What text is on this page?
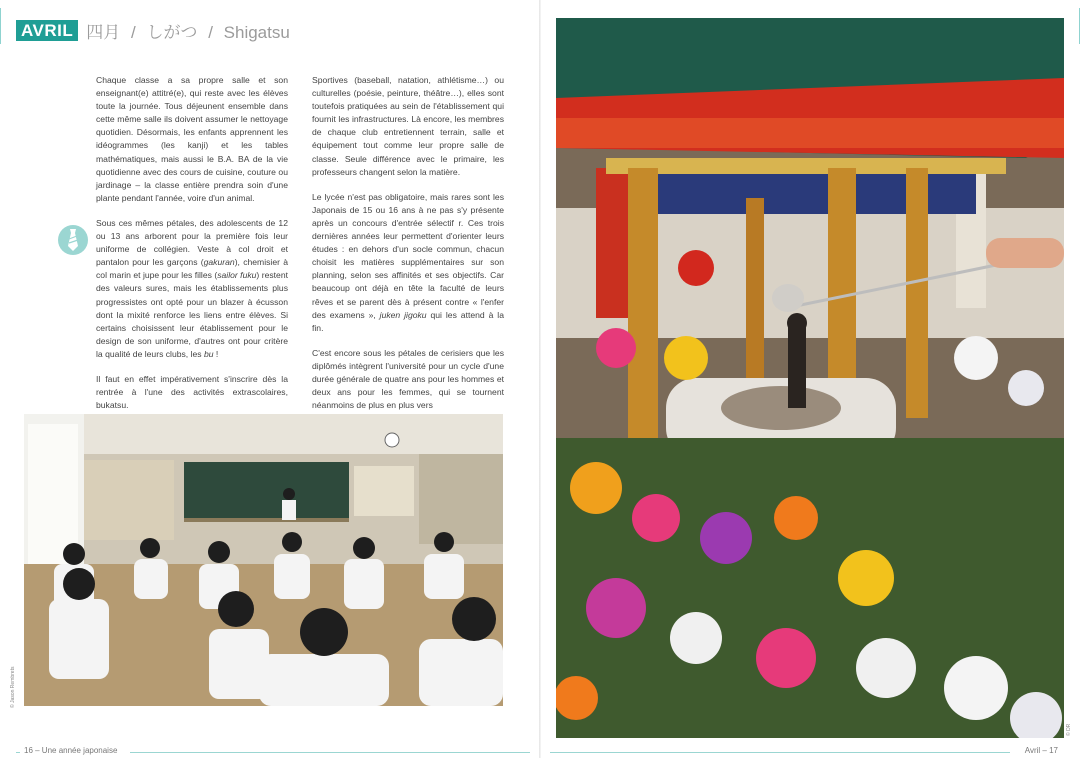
AVRIL 四月 / しがつ / Shigatsu

Chaque classe a sa propre salle et son enseignant(e) attitré(e), qui reste avec les élèves toute la journée. Tous déjeunent ensemble dans cette même salle ils doivent assumer le nettoyage quotidien. Désormais, les enfants apprennent les idéogrammes (les kanji) et les tables mathématiques, mais aussi le B.A. BA de la vie quotidienne avec des cours de cuisine, couture ou jardinage – la classe entière prendra soin d'une plante pendant l'année, voire d'un animal.

Sous ces mêmes pétales, des adolescents de 12 ou 13 ans arborent pour la première fois leur uniforme de collégien. Veste à col droit et pantalon pour les garçons (gakuran), chemisier à col marin et jupe pour les filles (sailor fuku) restent des valeurs sures, mais les établissements plus progressistes ont opté pour un blazer à écusson dont la mixité renforce les liens entre élèves. Si certains choisissent leur établissement pour le design de son uniforme, d'autres ont pour critère la qualité de leurs clubs, les bu !

Il faut en effet impérativement s'inscrire dès la rentrée à l'une des activités extrascolaires, bukatsu.

Sportives (baseball, natation, athlétisme…) ou culturelles (poésie, peinture, théâtre…), elles sont toutefois pratiquées au sein de l'établissement qui fournit les infrastructures. Là encore, les membres de chaque club entretiennent terrain, salle et équipement tout comme leur propre salle de classe. Seule différence avec le primaire, les professeurs changent selon la matière.

Le lycée n'est pas obligatoire, mais rares sont les Japonais de 15 ou 16 ans à ne pas s'y présente après un concours d'entrée sélectif r. Ces trois dernières années leur permettent d'orienter leurs études : en dehors d'un socle commun, chacun choisit les matières supplémentaires sur son planning, selon ses affinités et ses objectifs. Car beaucoup ont déjà en tête la faculté de leurs rêves et se parent dès à présent contre « l'enfer des examens », juken jigoku qui les attend à la fin.

C'est encore sous les pétales de cerisiers que les diplômés intègrent l'université pour un cycle d'une durée générale de quatre ans pour les hommes et deux ans pour les femmes, qui se tournent néanmoins de plus en plus vers

© Jason Rembrets
16 – Une année japonaise
© DR
Avril – 17
